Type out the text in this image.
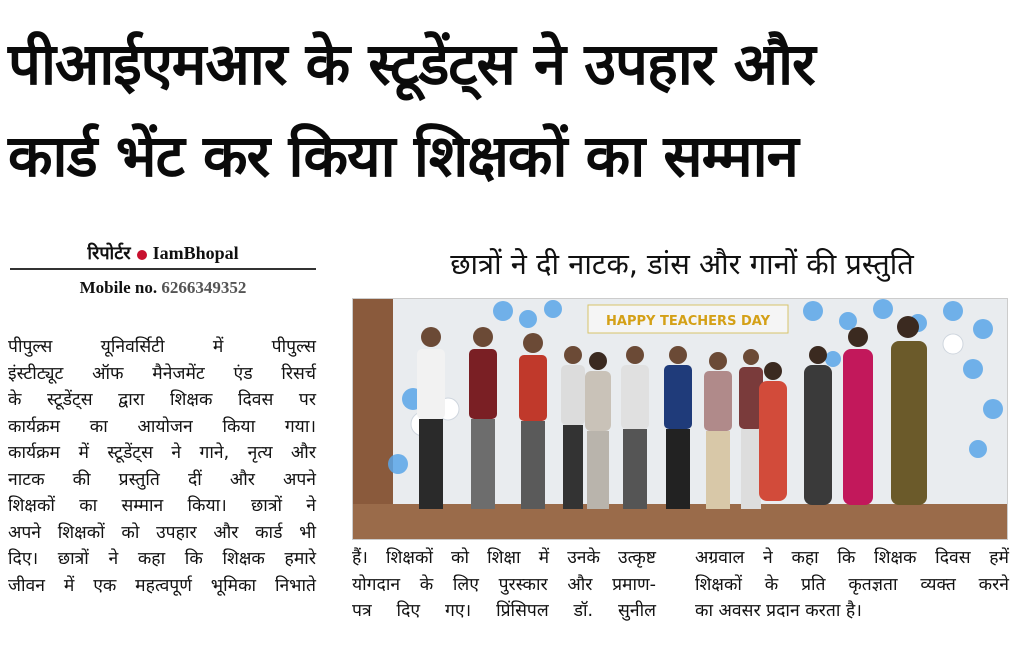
पीआईएमआर के स्टूडेंट्स ने उपहार और
कार्ड भेंट कर किया शिक्षकों का सम्मान
रिपोर्टर IamBhopal
Mobile no. 6266349352
छात्रों ने दी नाटक, डांस और गानों की प्रस्तुति
HAPPY TEACHERS DAY
पीपुल्स यूनिवर्सिटी में पीपुल्स
इंस्टीट्यूट ऑफ मैनेजमेंट एंड रिसर्च
के स्टूडेंट्स द्वारा शिक्षक दिवस पर
कार्यक्रम का आयोजन किया गया।
कार्यक्रम में स्टूडेंट्स ने गाने, नृत्य और
नाटक की प्रस्तुति दीं और अपने
शिक्षकों का सम्मान किया। छात्रों ने
अपने शिक्षकों को उपहार और कार्ड भी
दिए। छात्रों ने कहा कि शिक्षक हमारे
जीवन में एक महत्वपूर्ण भूमिका निभाते
हैं। शिक्षकों को शिक्षा में उनके उत्कृष्ट
योगदान के लिए पुरस्कार और प्रमाण-
पत्र दिए गए। प्रिंसिपल डॉ. सुनील
अग्रवाल ने कहा कि शिक्षक दिवस हमें
शिक्षकों के प्रति कृतज्ञता व्यक्त करने
का अवसर प्रदान करता है।
